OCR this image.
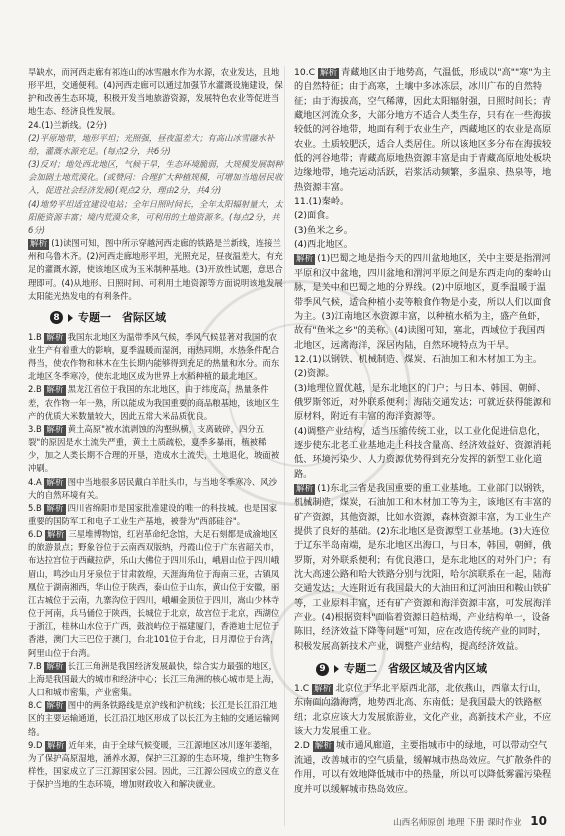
旱缺水，而河西走廊有祁连山的冰雪融水作为水源，农业发达，且地形平坦，交通便利。(4)河西走廊可以通过加强节水灌溉设施建设，保护和改善生态环境，积极开发当地旅游资源，发展特色农业等促进当地生态、经济良性发展。

24.(1)兰新线。(2分)

(2)平原地带，地形平坦；光照强，昼夜温差大；有高山冰雪融水补给，灌溉水源充足。(每点2分，共6分)

(3)反对；地处西北地区，气候干旱，生态环境脆弱，大规模发展制种会加剧土地荒漠化。(或赞同：合理扩大种植规模，可增加当地居民收入，促进社会经济发展)(观点2分，理由2分，共4分)

(4)地势平坦适宜建设电站；全年日照时间长，全年太阳辐射量大，太阳能资源丰富；境内荒漠众多，可利用的土地资源多。(每点2分，共6分)

解析 (1)读图可知，图中所示穿越河西走廊的铁路是兰新线，连接兰州和乌鲁木齐。(2)河西走廊地形平坦，光照充足，昼夜温差大，有充足的灌溉水源，使该地区成为玉米制种基地。(3)开放性试题，意思合理即可。(4)从地形、日照时间、可利用土地资源等方面说明该地发展太阳能光热发电的有利条件。

8	专题一　省际区域

1.B 解析 我国东北地区为温带季风气候，季风气候显著对我国的农业生产有着重大的影响，夏季温暖而湿润，雨热同期，水热条件配合得当，使农作物和林木在生长期内能够得到充足的热量和水分。而东北地区冬季寒冷，使东北地区成为世界上水稻种植的最北地区。

2.B 解析 黑龙江省位于我国的东北地区，由于纬度高，热量条件差，农作物一年一熟，所以能成为我国重要的商品粮基地，该地区生产的优质大米数量较大，因此五常大米品质优良。

3.B 解析 黄土高原"被水流剥蚀的沟壑纵横，支离破碎，四分五裂"的原因是水土流失严重，黄土土质疏松，夏季多暴雨，植被稀少，加之人类长期不合理的开垦，造成水土流失，土地退化，坡面被冲刷。

4.A 解析 图中当地很多居民戴白羊肚头巾，与当地冬季寒冷、风沙大的自然环境有关。

5.B 解析 四川省绵阳市是国家批准建设的唯一的科技城。也是国家重要的国防军工和电子工业生产基地，被誉为"西部硅谷"。

6.D 解析 三星堆博物馆，红岩革命纪念馆，大足石刻都是成渝地区的旅游景点；野象谷位于云南西双版纳，丹霞山位于广东省韶关市，布达拉宫位于西藏拉萨，乐山大佛位于四川乐山，峨眉山位于四川峨眉山，鸣沙山月牙泉位于甘肃敦煌，天涯海角位于海南三亚，古镇凤凰位于湖南湘西，华山位于陕西，泰山位于山东，黄山位于安徽，丽江古城位于云南，九寨沟位于四川，峨嵋金顶位于四川，嵩山少林寺位于河南，兵马俑位于陕西，长城位于北京，故宫位于北京，西湖位于浙江，桂林山水位于广西，鼓浪屿位于福建厦门，香港迪士尼位于香港，澳门大三巴位于澳门，台北101位于台北，日月潭位于台湾，阿里山位于台湾。

7.B 解析 长江三角洲是我国经济发展最快，综合实力最强的地区，上海是我国最大的城市和经济中心；长江三角洲的核心城市是上海，人口和城市密集，产业密集。

8.C 解析 图中的两条铁路线是京沪线和沪杭线；长江是长江沿江地区的主要运输通道，长江沿江地区形成了以长江为主轴的交通运输网络。

9.D 解析 近年来，由于全球气候变暖，三江源地区冰川逐年萎缩，为了保护高原湿地，涵养水源，保护三江源的生态环境，维护生物多样性，国家成立了三江源国家公园。因此，三江源公园成立的意义在于保护当地的生态环境，增加财政收入和解决就业。

10.C 解析 青藏地区由于地势高，气温低，形成以"高""寒"为主的自然特征；由于高寒，土壤中多冰冻层，冰川广布的自然特征；由于海拔高，空气稀薄，因此太阳辐射强，日照时间长；青藏地区河流众多，大部分地方不适合人类生存，只有在一些海拔较低的河谷地带，地面有利于农业生产，西藏地区的农业是高原农业。土质较肥沃，适合人类居住。所以该地区多分布在海拔较低的河谷地带；青藏高原地热资源丰富是由于青藏高原地处板块边缘地带，地壳运动活跃，岩浆活动频繁，多温泉、热泉等，地热资源丰富。

11.(1)秦岭。

(2)面食。

(3)鱼米之乡。

(4)西北地区。

解析 (1)巴蜀之地是指今天的四川盆地地区，关中主要是指渭河平原和汉中盆地，四川盆地和渭河平原之间是东西走向的秦岭山脉，是关中和巴蜀之地的分界线。(2)中原地区，夏季温暖于温带季风气候，适合种植小麦等粮食作物是小麦，所以人们以面食为主。(3)江南地区水资源丰富，以种植水稻为主，盛产鱼虾，故有"鱼米之乡"的美称。(4)读图可知，塞北，西域位于我国西北地区，远离海洋，深居内陆，自然环境特点为干旱。

12.(1)以钢铁、机械制造、煤炭、石油加工和木材加工为主。

(2)资源。

(3)地理位置优越，是东北地区的门户；与日本、韩国、朝鲜、俄罗斯邻近，对外联系便利；海陆交通发达；可就近获得能源和原材料，附近有丰富的海洋资源等。

(4)调整产业结构，适当压缩传统工业，以工业化促进信息化，逐步使东北老工业基地走上科技含量高、经济效益好、资源消耗低、环境污染少、人力资源优势得到充分发挥的新型工业化道路。

解析 (1)东北三省是我国重要的重工业基地。工业部门以钢铁，机械制造，煤炭，石油加工和木材加工等为主，该地区有丰富的矿产资源，其他资源，比如水资源，森林资源丰富，为工业生产提供了良好的基础。(2)东北地区是资源型工业基地。(3)大连位于辽东半岛南端，是东北地区出海口，与日本，韩国，朝鲜，俄罗斯，对外联系便利；有优良港口，是东北地区的对外门户；有沈大高速公路和哈大铁路分别与沈阳，哈尔滨联系在一起，陆海交通发达；大连附近有我国最大的大油田和辽河油田和鞍山铁矿等，工业原料丰富，还有矿产资源和海洋资源丰富，可发展海洋产业。(4)根据资料"面临着资源日趋枯竭，产业结构单一，设备陈旧，经济效益下降等问题"可知，应在改造传统产业的同时，积极发展高新技术产业，调整产业结构，提高经济效益。

9	专题二　省级区域及省内区域

1.C 解析 北京位于华北平原西北部，北依燕山，西靠太行山，东南面向渤海湾，地势西北高、东南低；是我国最大的铁路枢纽；北京应该大力发展旅游业，文化产业，高新技术产业，不应该大力发展重工业。

2.D 解析 城市通风廊道，主要指城市中的绿地，可以带动空气流通，改善城市的空气质量，缓解城市热岛效应。气扩散条件的作用，可以有效地降低城市中的热量，所以可以降低雾霾污染程度并可以缓解城市热岛效应。

山西名师原创 地理 下册 课时作业 10
